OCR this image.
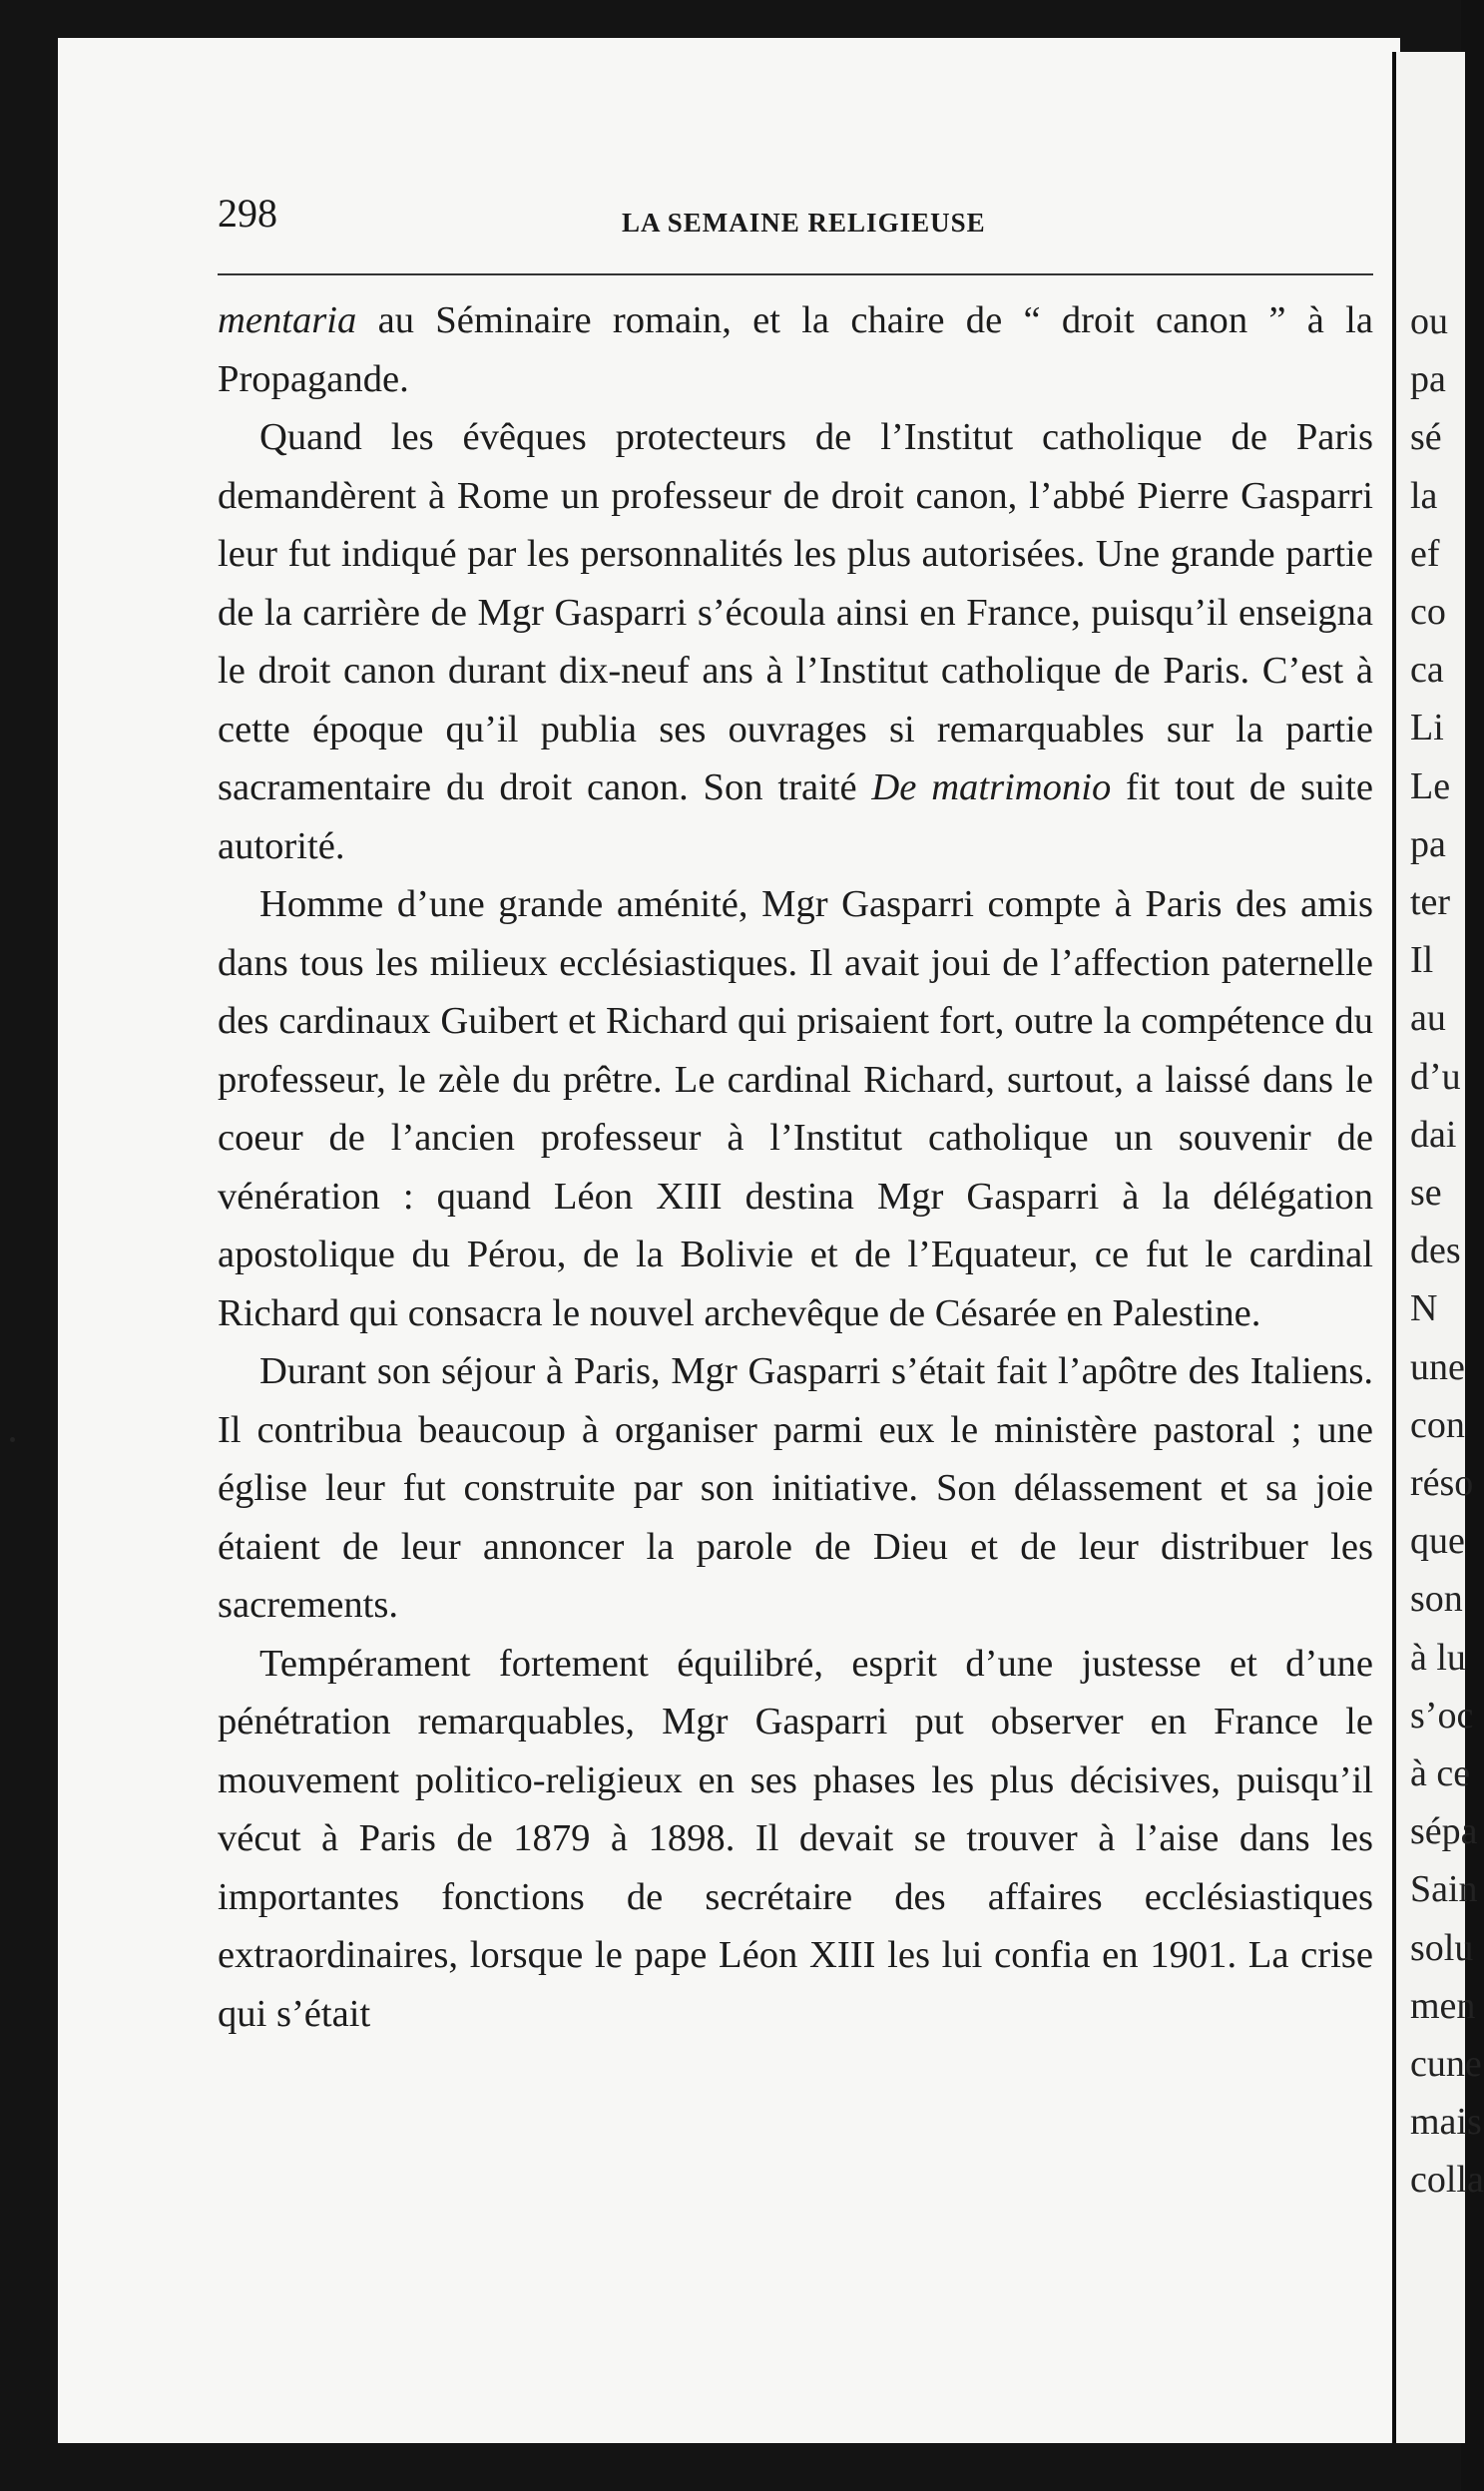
ou
pa
sé
la
ef
co
ca
Li
Le
pa
ter
Il
au
d’u
dai
se
des
N
une
con
réso
que
son
à lu
s’oc
à ce
sépa
Sain
solu
men
cune
mais
colla
298	LA SEMAINE RELIGIEUSE

mentaria au Séminaire romain, et la chaire de “ droit canon ” à la Propagande.

Quand les évêques protecteurs de l’Institut catholique de Paris demandèrent à Rome un professeur de droit canon, l’abbé Pierre Gasparri leur fut indiqué par les personnalités les plus autorisées. Une grande partie de la carrière de Mgr Gasparri s’écoula ainsi en France, puisqu’il enseigna le droit canon durant dix-neuf ans à l’Institut catholique de Paris. C’est à cette époque qu’il publia ses ouvrages si remarquables sur la partie sacramentaire du droit canon. Son traité De matrimonio fit tout de suite autorité.

Homme d’une grande aménité, Mgr Gasparri compte à Paris des amis dans tous les milieux ecclésiastiques. Il avait joui de l’affection paternelle des cardinaux Guibert et Richard qui prisaient fort, outre la compétence du professeur, le zèle du prêtre. Le cardinal Richard, surtout, a laissé dans le coeur de l’ancien professeur à l’Institut catholique un souvenir de vénération : quand Léon XIII destina Mgr Gasparri à la délégation apostolique du Pérou, de la Bolivie et de l’Equateur, ce fut le cardinal Richard qui consacra le nouvel archevêque de Césarée en Palestine.

Durant son séjour à Paris, Mgr Gasparri s’était fait l’apôtre des Italiens. Il contribua beaucoup à organiser parmi eux le ministère pastoral ; une église leur fut construite par son initiative. Son délassement et sa joie étaient de leur annoncer la parole de Dieu et de leur distribuer les sacrements.

Tempérament fortement équilibré, esprit d’une justesse et d’une pénétration remarquables, Mgr Gasparri put observer en France le mouvement politico-religieux en ses phases les plus décisives, puisqu’il vécut à Paris de 1879 à 1898. Il devait se trouver à l’aise dans les importantes fonctions de secrétaire des affaires ecclésiastiques extraordinaires, lorsque le pape Léon XIII les lui confia en 1901. La crise qui s’était
